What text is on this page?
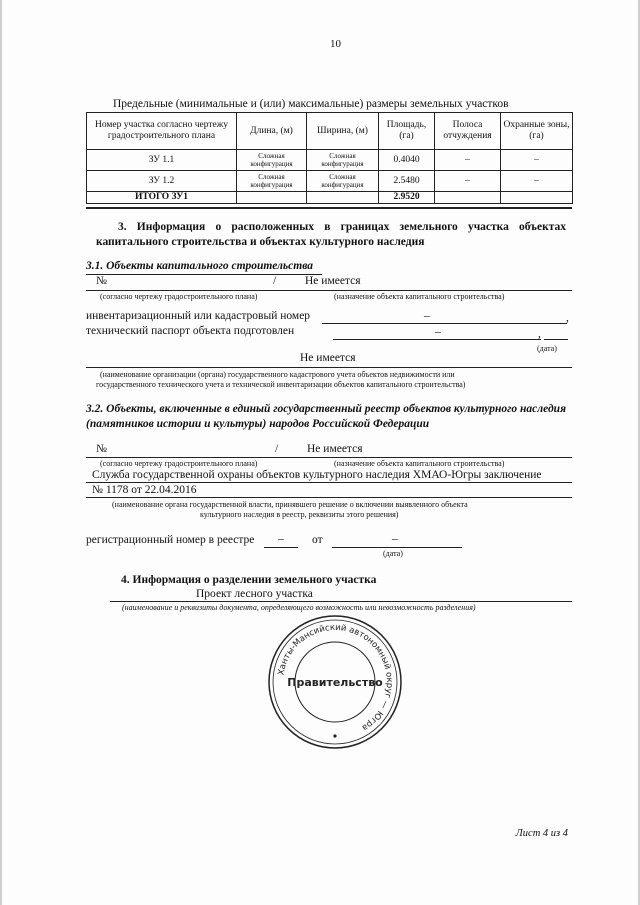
10
Предельные (минимальные и (или) максимальные) размеры земельных участков
Номер участка согласно чертежу градостроительного плана	Длина, (м)	Ширина, (м)	Площадь, (га)	Полоса отчуждения	Охранные зоны, (га)
ЗУ 1.1	Сложная конфигурация	Сложная конфигурация	0.4040	–	–
ЗУ 1.2	Сложная конфигурация	Сложная конфигурация	2.5480	–	–
ИТОГО ЗУ1			2.9520		
3. Информация о расположенных в границах земельного участка объектах капитального строительства и объектах культурного наследия
3.1. Объекты капитального строительства
№	/	Не имеется
(согласно чертежу градостроительного плана)	(назначение объекта капитального строительства)
инвентаризационный или кадастровый номер	–	,
технический паспорт объекта подготовлен	–	,
(дата)
Не имеется
(наименование организации (органа) государственного кадастрового учета объектов недвижимости или
государственного технического учета и технической инвентаризации объектов капитального строительства)
3.2. Объекты, включенные в единый государственный реестр объектов культурного наследия (памятников истории и культуры) народов Российской Федерации
№	/	Не имеется
(согласно чертежу градостроительного плана)	(назначение объекта капитального строительства)
Служба государственной охраны объектов культурного наследия ХМАО-Югры заключение
№ 1178 от 22.04.2016
(наименование органа государственной власти, принявшего решение о включении выявленного объекта
культурного наследия в реестр, реквизиты этого решения)
регистрационный номер в реестре – от	–
(дата)
4. Информация о разделении земельного участка
Проект лесного участка
(наименование и реквизиты документа, определяющего возможность или невозможность разделения)
Ханты-Мансийский автономный округ — Югра
Правительство
Лист 4 из 4
